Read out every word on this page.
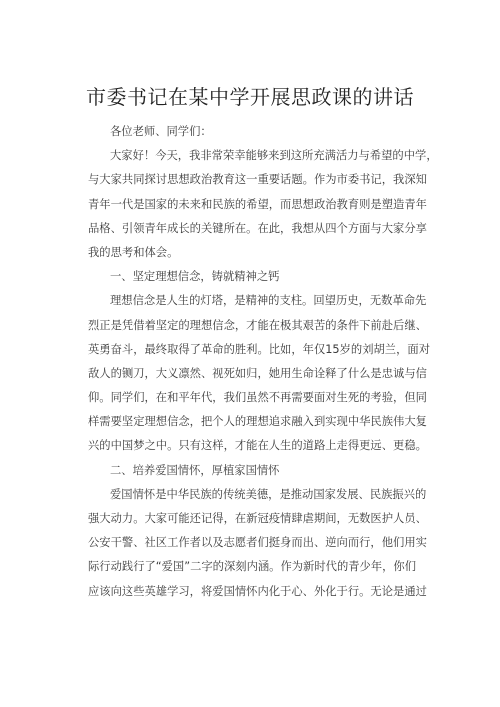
市委书记在某中学开展思政课的讲话
各位老师、同学们：
大家好！今天，我非常荣幸能够来到这所充满活力与希望的中学，
与大家共同探讨思想政治教育这一重要话题。作为市委书记，我深知
青年一代是国家的未来和民族的希望，而思想政治教育则是塑造青年
品格、引领青年成长的关键所在。在此，我想从四个方面与大家分享
我的思考和体会。
一、坚定理想信念，铸就精神之钙
理想信念是人生的灯塔，是精神的支柱。回望历史，无数革命先
烈正是凭借着坚定的理想信念，才能在极其艰苦的条件下前赴后继、
英勇奋斗，最终取得了革命的胜利。比如，年仅15岁的刘胡兰，面对
敌人的铡刀，大义凛然、视死如归，她用生命诠释了什么是忠诚与信
仰。同学们，在和平年代，我们虽然不再需要面对生死的考验，但同
样需要坚定理想信念，把个人的理想追求融入到实现中华民族伟大复
兴的中国梦之中。只有这样，才能在人生的道路上走得更远、更稳。
二、培养爱国情怀，厚植家国情怀
爱国情怀是中华民族的传统美德，是推动国家发展、民族振兴的
强大动力。大家可能还记得，在新冠疫情肆虐期间，无数医护人员、
公安干警、社区工作者以及志愿者们挺身而出、逆向而行，他们用实
际行动践行了“爱国”二字的深刻内涵。作为新时代的青少年，你们
应该向这些英雄学习，将爱国情怀内化于心、外化于行。无论是通过
